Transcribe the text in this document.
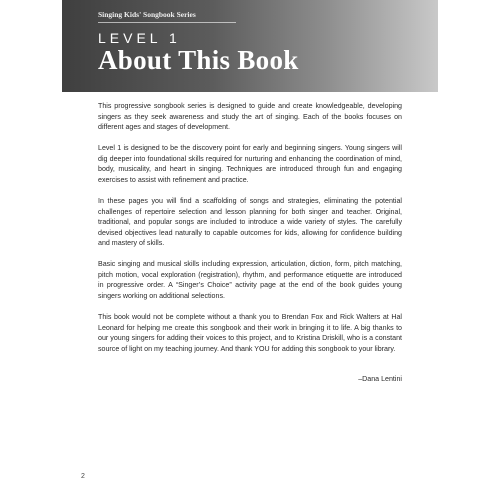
Singing Kids' Songbook Series
LEVEL 1
About This Book

This progressive songbook series is designed to guide and create knowledgeable, developing singers as they seek awareness and study the art of singing. Each of the books focuses on different ages and stages of development.

Level 1 is designed to be the discovery point for early and beginning singers. Young singers will dig deeper into foundational skills required for nurturing and enhancing the coordination of mind, body, musicality, and heart in singing. Techniques are introduced through fun and engaging exercises to assist with refinement and practice.

In these pages you will find a scaffolding of songs and strategies, eliminating the potential challenges of repertoire selection and lesson planning for both singer and teacher. Original, traditional, and popular songs are included to introduce a wide variety of styles. The carefully devised objectives lead naturally to capable outcomes for kids, allowing for confidence building and mastery of skills.

Basic singing and musical skills including expression, articulation, diction, form, pitch matching, pitch motion, vocal exploration (registration), rhythm, and performance etiquette are introduced in progressive order. A “Singer’s Choice” activity page at the end of the book guides young singers working on additional selections.

This book would not be complete without a thank you to Brendan Fox and Rick Walters at Hal Leonard for helping me create this songbook and their work in bringing it to life. A big thanks to our young singers for adding their voices to this project, and to Kristina Driskill, who is a constant source of light on my teaching journey. And thank YOU for adding this songbook to your library.

–Dana Lentini
2
